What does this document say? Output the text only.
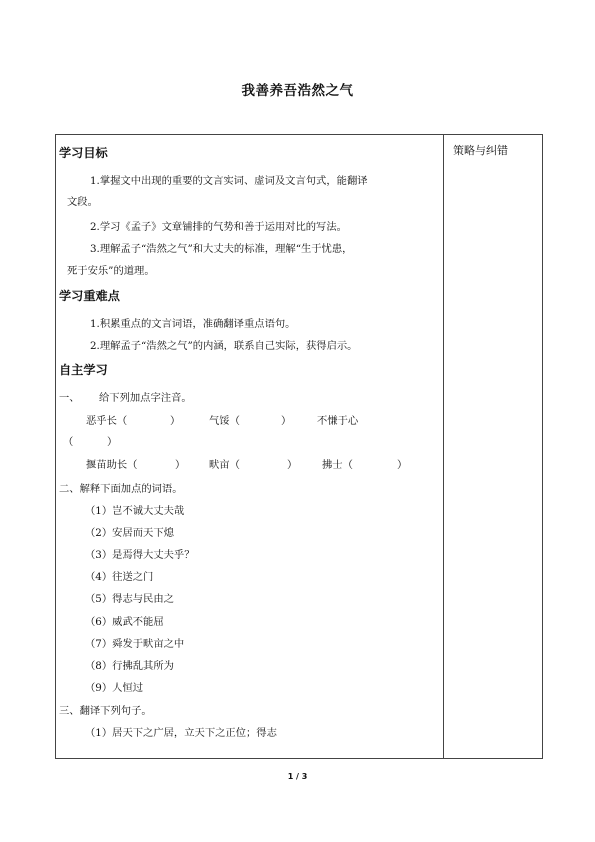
我善养吾浩然之气
策略与纠错
学习目标
1.掌握文中出现的重要的文言实词、虚词及文言句式，能翻译
文段。
2.学习《孟子》文章铺排的气势和善于运用对比的写法。
3.理解孟子“浩然之气”和大丈夫的标准，理解“生于忧患，
死于安乐”的道理。
学习重难点
1.积累重点的文言词语，准确翻译重点语句。
2.理解孟子“浩然之气”的内涵，联系自己实际，获得启示。
自主学习
一、 给下列加点字注音。
恶乎长（	）	气馁（	） 不慊于心
（	）
揠苗助长（	） 畎亩（	） 拂士（	）
二、解释下面加点的词语。
（1）岂不诚大丈夫哉
（2）安居而天下熄
（3）是焉得大丈夫乎？
（4）往送之门
（5）得志与民由之
（6）威武不能屈
（7）舜发于畎亩之中
（8）行拂乱其所为
（9）人恒过
三、翻译下列句子。
（1）居天下之广居，立天下之正位；得志
1 / 3
